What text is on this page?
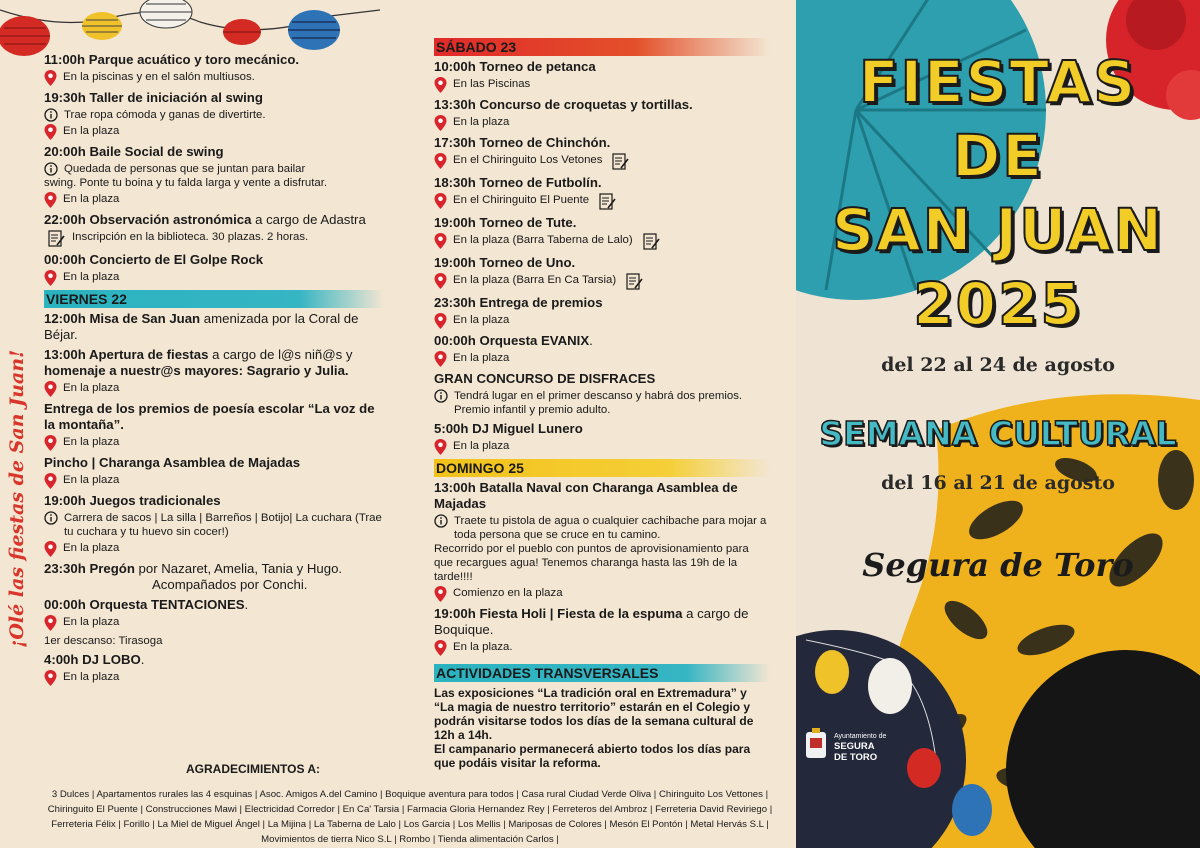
¡Olé las fiestas de San Juan!
11:00h Parque acuático y toro mecánico.
En la piscinas y en el salón multiusos.
19:30h Taller de iniciación al swing
Trae ropa cómoda y ganas de divertirte.
En la plaza
20:00h Baile Social de swing
Quedada de personas que se juntan para bailar
swing. Ponte tu boina y tu falda larga y vente a disfrutar.
En la plaza
22:00h Observación astronómica a cargo de Adastra
Inscripción en la biblioteca. 30 plazas. 2 horas.
00:00h Concierto de El Golpe Rock
En la plaza
VIERNES 22
12:00h Misa de San Juan amenizada por la Coral de Béjar.
13:00h Apertura de fiestas a cargo de l@s niñ@s y homenaje a nuestr@s mayores: Sagrario y Julia.
En la plaza
Entrega de los premios de poesía escolar “La voz de la montaña”.
En la plaza
Pincho | Charanga Asamblea de Majadas
En la plaza
19:00h Juegos tradicionales
Carrera de sacos | La silla | Barreños | Botijo| La cuchara (Trae tu cuchara y tu huevo sin cocer!)
En la plaza
23:30h Pregón por Nazaret, Amelia, Tania y Hugo.
Acompañados por Conchi.
00:00h Orquesta TENTACIONES.
En la plaza
1er descanso: Tirasoga
4:00h DJ LOBO.
En la plaza
SÁBADO 23
10:00h Torneo de petanca
En las Piscinas
13:30h Concurso de croquetas y tortillas.
En la plaza
17:30h Torneo de Chinchón.
En el Chiringuito Los Vetones
18:30h Torneo de Futbolín.
En el Chiringuito El Puente
19:00h Torneo de Tute.
En la plaza (Barra Taberna de Lalo)
19:00h Torneo de Uno.
En la plaza (Barra En Ca Tarsia)
23:30h Entrega de premios
En la plaza
00:00h Orquesta EVANIX.
En la plaza
GRAN CONCURSO DE DISFRACES
Tendrá lugar en el primer descanso y habrá dos premios. Premio infantil y premio adulto.
5:00h DJ Miguel Lunero
En la plaza
DOMINGO 25
13:00h Batalla Naval con Charanga Asamblea de Majadas
Traete tu pistola de agua o cualquier cachibache para mojar a toda persona que se cruce en tu camino.
Recorrido por el pueblo con puntos de aprovisionamiento para que recargues agua! Tenemos charanga hasta las 19h de la tarde!!!!
Comienzo en la plaza
19:00h Fiesta Holi | Fiesta de la espuma a cargo de Boquique.
En la plaza.
ACTIVIDADES TRANSVERSALES
Las exposiciones “La tradición oral en Extremadura” y “La magia de nuestro territorio” estarán en el Colegio y podrán visitarse todos los días de la semana cultural de 12h a 14h.
El campanario permanecerá abierto todos los días para que podáis visitar la reforma.
AGRADECIMIENTOS A:
3 Dulces | Apartamentos rurales las 4 esquinas | Asoc. Amigos A.del Camino | Boquique aventura para todos | Casa rural Ciudad Verde Oliva | Chiringuito Los Vettones | Chiringuito El Puente | Construcciones Mawi | Electricidad Corredor | En Ca' Tarsia | Farmacia Gloria Hernandez Rey | Ferreteros del Ambroz | Ferreteria David Reviriego | Ferreteria Félix | Forillo | La Miel de Miguel Ángel | La Mijina | La Taberna de Lalo | Los Garcia | Los Mellis | Mariposas de Colores | Mesón El Pontón | Metal Hervás S.L | Movimientos de tierra Nico S.L | Rombo | Tienda alimentación Carlos |
FIESTAS
DE
SAN JUAN
2025
del 22 al 24 de agosto
SEMANA CULTURAL
del 16 al 21 de agosto
Segura de Toro
Ayuntamiento de
SEGURA
DE TORO
